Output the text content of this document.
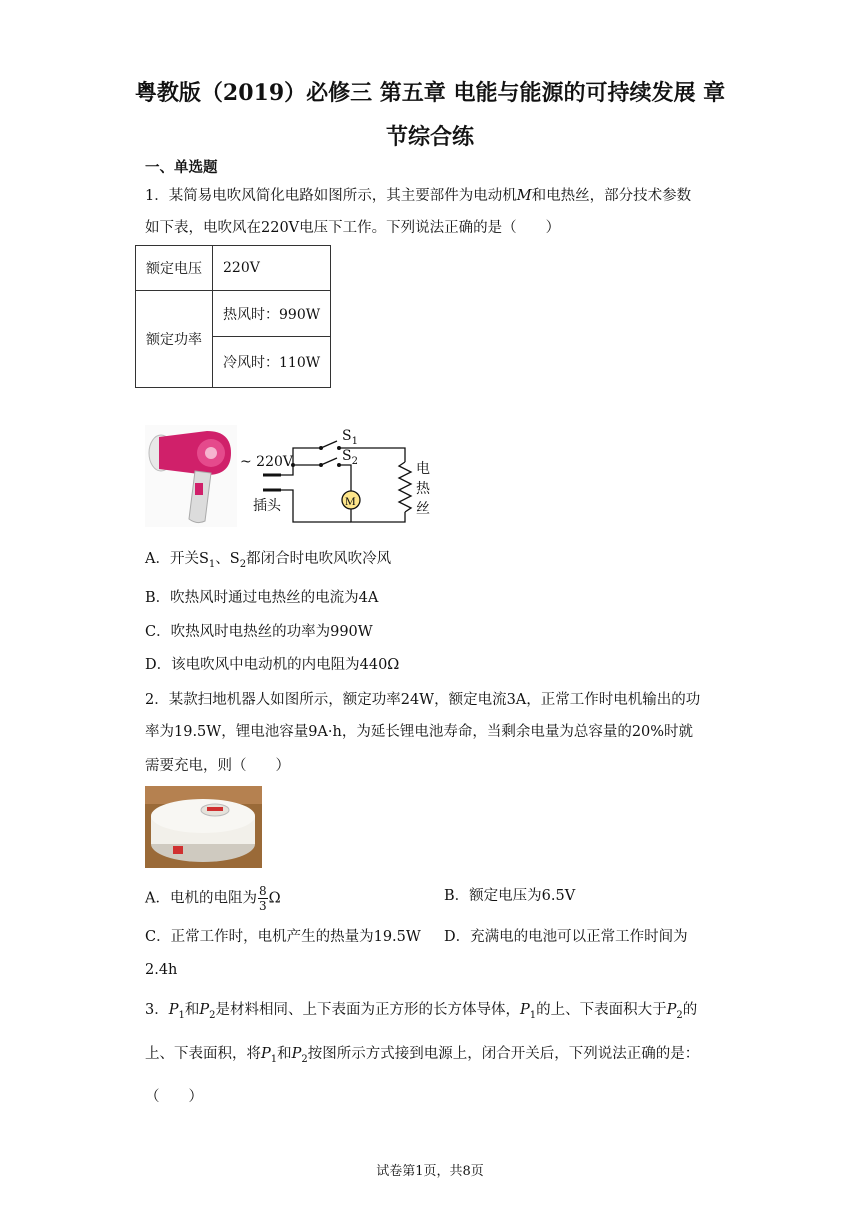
粤教版（2019）必修三 第五章 电能与能源的可持续发展 章
节综合练
一、单选题
1．某简易电吹风简化电路如图所示，其主要部件为电动机M和电热丝，部分技术参数
如下表，电吹风在220V电压下工作。下列说法正确的是（　　）
额定电压	220V
额定功率	热风时：990W
	冷风时：110W
M
~ 220V
插头
$S_1$
$S_2$	电
热
丝
A．开关$S_1$、$S_2$都闭合时电吹风吹冷风
B．吹热风时通过电热丝的电流为4A
C．吹热风时电热丝的功率为990W
D．该电吹风中电动机的内电阻为440Ω
2．某款扫地机器人如图所示，额定功率24W，额定电流3A，正常工作时电机输出的功
率为19.5W，锂电池容量9A·h，为延长锂电池寿命，当剩余电量为总容量的20%时就
需要充电，则（　　）
A．电机的电阻为 $\frac{8}{3}$ Ω	B．额定电压为6.5V
C．正常工作时，电机产生的热量为19.5W D．充满电的电池可以正常工作时间为
2.4h
3．$P_1$和$P_2$是材料相同、上下表面为正方形的长方体导体，$P_1$的上、下表面积大于$P_2$的
上、下表面积，将$P_1$和$P_2$按图所示方式接到电源上，闭合开关后，下列说法正确的是：
（　　）
试卷第1页，共8页
